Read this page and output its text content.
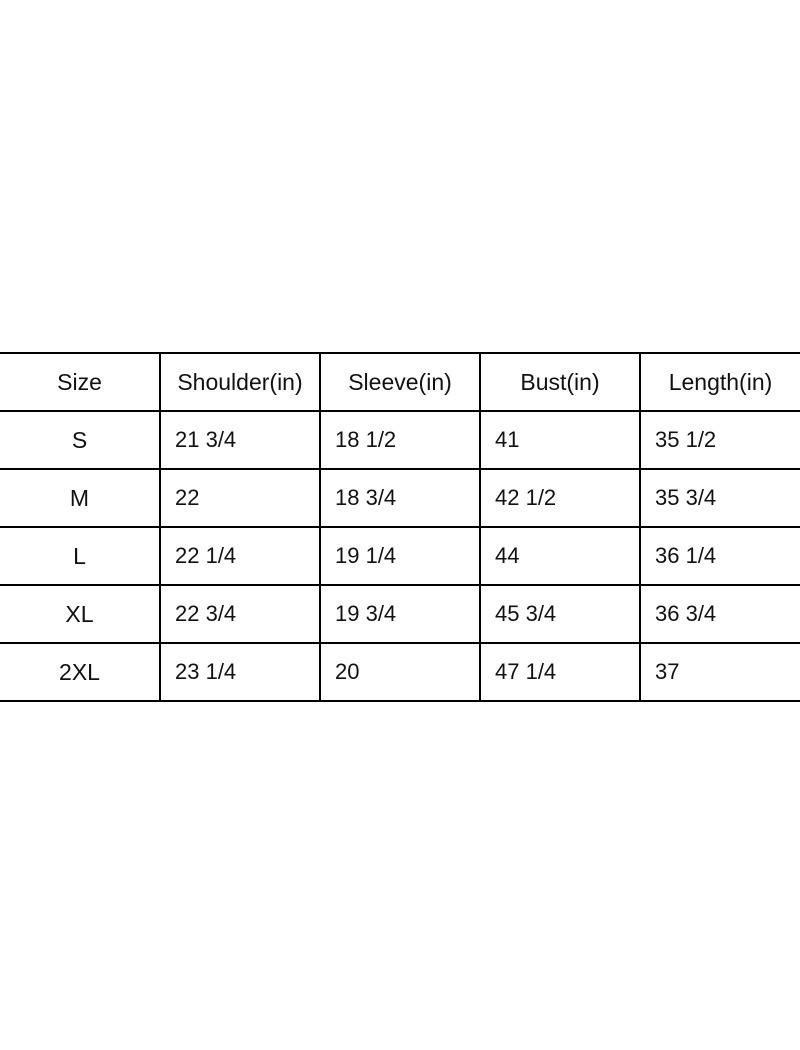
Size	Shoulder(in)	Sleeve(in)	Bust(in)	Length(in)
S	21 3/4	18 1/2	41	35 1/2
M	22	18 3/4	42 1/2	35 3/4
L	22 1/4	19 1/4	44	36 1/4
XL	22 3/4	19 3/4	45 3/4	36 3/4
2XL	23 1/4	20	47 1/4	37
